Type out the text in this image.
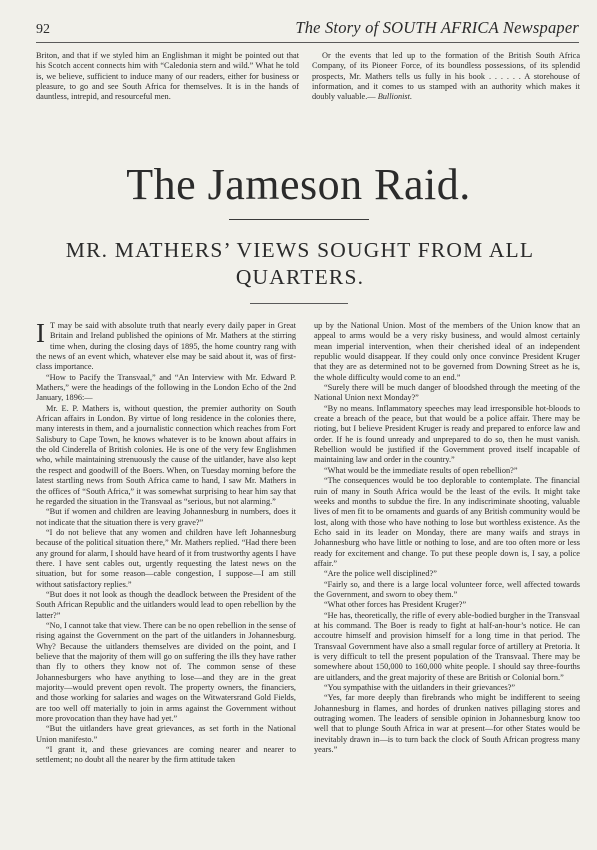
92	The Story of SOUTH AFRICA Newspaper

Briton, and that if we styled him an Englishman it might be pointed out that his Scotch accent connects him with “Caledonia stern and wild.” What he told is, we believe, sufficient to induce many of our readers, either for business or pleasure, to go and see South Africa for themselves. It is in the hands of dauntless, intrepid, and resourceful men.

Or the events that led up to the formation of the British South Africa Company, of its Pioneer Force, of its boundless possessions, of its splendid prospects, Mr. Mathers tells us fully in his book . . . . . . A storehouse of information, and it comes to us stamped with an authority which makes it doubly valuable.— Bullionist.

The Jameson Raid.
MR. MATHERS’ VIEWS SOUGHT FROM ALL QUARTERS.

I T may be said with absolute truth that nearly every daily paper in Great Britain and Ireland published the opinions of Mr. Mathers at the stirring time when, during the closing days of 1895, the home country rang with the news of an event which, whatever else may be said about it, was of first-class importance.

“How to Pacify the Transvaal,” and “An Interview with Mr. Edward P. Mathers,” were the headings of the following in the London Echo of the 2nd January, 1896:—

Mr. E. P. Mathers is, without question, the premier authority on South African affairs in London. By virtue of long residence in the colonies there, many interests in them, and a journalistic connection which reaches from Fort Salisbury to Cape Town, he knows whatever is to be known about affairs in the old Cinderella of British colonies. He is one of the very few Englishmen who, while maintaining strenuously the cause of the uitlander, have also kept the respect and goodwill of the Boers. When, on Tuesday morning before the latest startling news from South Africa came to hand, I saw Mr. Mathers in the offices of “South Africa,” it was somewhat surprising to hear him say that he regarded the situation in the Transvaal as “serious, but not alarming.”

“But if women and children are leaving Johannesburg in numbers, does it not indicate that the situation there is very grave?”

“I do not believe that any women and children have left Johannesburg because of the political situation there,” Mr. Mathers replied. “Had there been any ground for alarm, I should have heard of it from trustworthy agents I have there. I have sent cables out, urgently requesting the latest news on the situation, but for some reason—cable congestion, I suppose—I am still without satisfactory replies.”

“But does it not look as though the deadlock between the President of the South African Republic and the uitlanders would lead to open rebellion by the latter?”

“No, I cannot take that view. There can be no open rebellion in the sense of rising against the Government on the part of the uitlanders in Johannesburg. Why? Because the uitlanders themselves are divided on the point, and I believe that the majority of them will go on suffering the ills they have rather than fly to others they know not of. The common sense of these Johannesburgers who have anything to lose—and they are in the great majority—would prevent open revolt. The property owners, the financiers, and those working for salaries and wages on the Witwatersrand Gold Fields, are too well off materially to join in arms against the Government without more provocation than they have had yet.”

“But the uitlanders have great grievances, as set forth in the National Union manifesto.”

“I grant it, and these grievances are coming nearer and nearer to settlement; no doubt all the nearer by the firm attitude taken

up by the National Union. Most of the members of the Union know that an appeal to arms would be a very risky business, and would almost certainly mean imperial intervention, when their cherished ideal of an independent republic would disappear. If they could only once convince President Kruger that they are as determined not to be governed from Downing Street as he is, the whole difficulty would come to an end.”

“Surely there will be much danger of bloodshed through the meeting of the National Union next Monday?”

“By no means. Inflammatory speeches may lead irresponsible hot-bloods to create a breach of the peace, but that would be a police affair. There may be rioting, but I believe President Kruger is ready and prepared to enforce law and order. If he is found unready and unprepared to do so, then he must vanish. Rebellion would be justified if the Government proved itself incapable of maintaining law and order in the country.”

“What would be the immediate results of open rebellion?”

“The consequences would be too deplorable to contemplate. The financial ruin of many in South Africa would be the least of the evils. It might take weeks and months to subdue the fire. In any indiscriminate shooting, valuable lives of men fit to be ornaments and guards of any British community would be lost, along with those who have nothing to lose but worthless existence. As the Echo said in its leader on Monday, there are many waifs and strays in Johannesburg who have little or nothing to lose, and are too often more or less ready for excitement and change. To put these people down is, I say, a police affair.”

“Are the police well disciplined?”

“Fairly so, and there is a large local volunteer force, well affected towards the Government, and sworn to obey them.”

“What other forces has President Kruger?”

“He has, theoretically, the rifle of every able-bodied burgher in the Transvaal at his command. The Boer is ready to fight at half-an-hour’s notice. He can accoutre himself and provision himself for a long time in that period. The Transvaal Government have also a small regular force of artillery at Pretoria. It is very difficult to tell the present population of the Transvaal. There may be somewhere about 150,000 to 160,000 white people. I should say three-fourths are uitlanders, and the great majority of these are British or Colonial born.”

“You sympathise with the uitlanders in their grievances?”

“Yes, far more deeply than firebrands who might be indifferent to seeing Johannesburg in flames, and hordes of drunken natives pillaging stores and outraging women. The leaders of sensible opinion in Johannesburg know too well that to plunge South Africa in war at present—for other States would be inevitably drawn in—is to turn back the clock of South African progress many years.”
